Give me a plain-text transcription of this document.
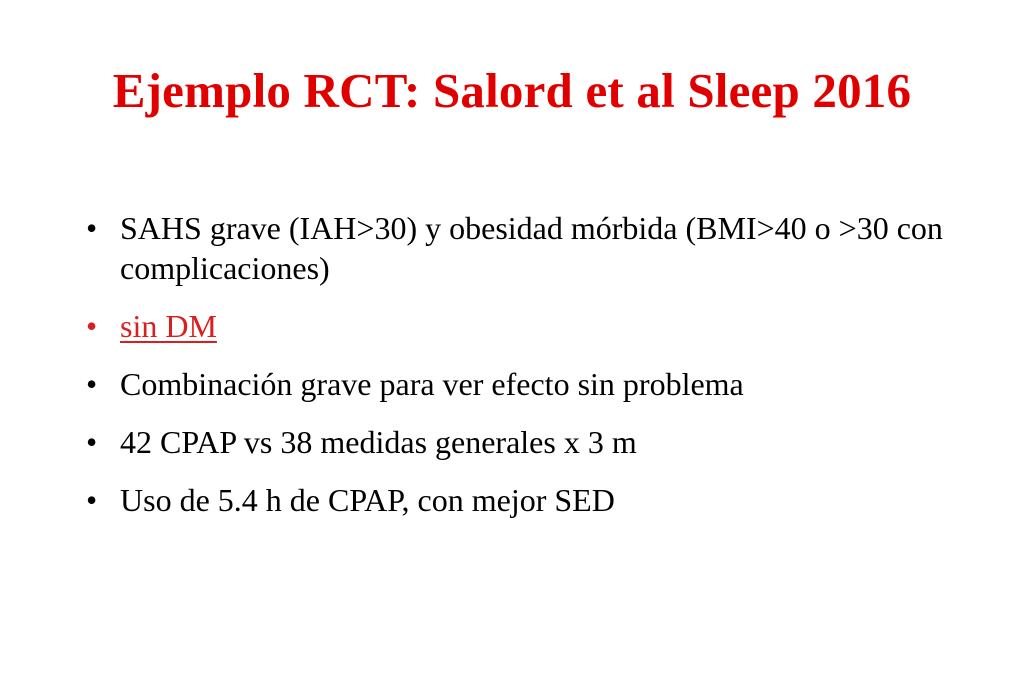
Ejemplo RCT: Salord et al Sleep 2016
• SAHS grave (IAH>30) y obesidad mórbida (BMI>40 o >30 con complicaciones)
• sin DM
• Combinación grave para ver efecto sin problema
• 42 CPAP vs 38 medidas generales x 3 m
• Uso de 5.4 h de CPAP, con mejor SED
